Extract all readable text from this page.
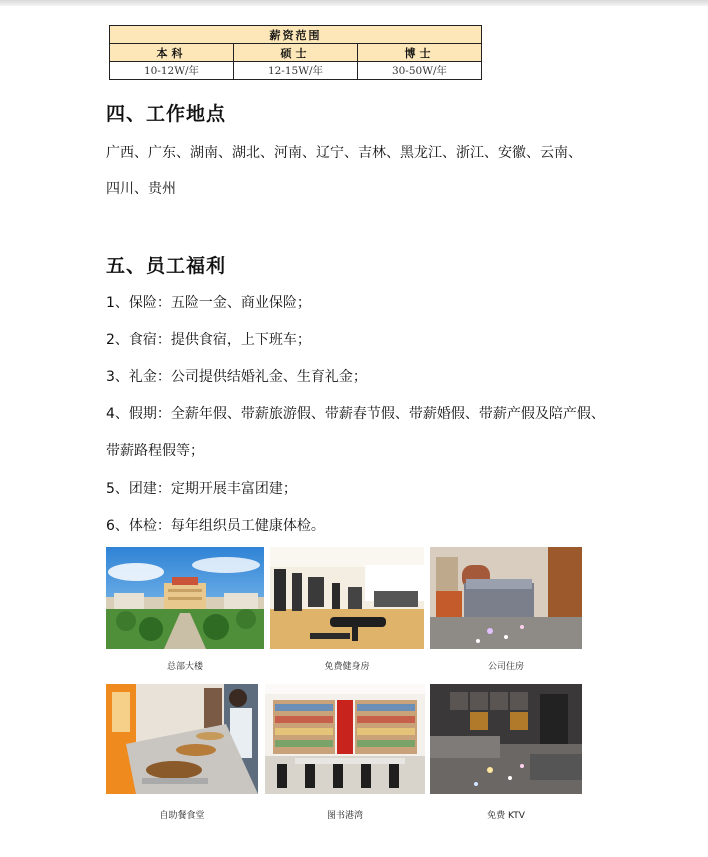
薪资范围		
本科	硕士	博士
10-12W/年	12-15W/年	30-50W/年
四、工作地点

广西、广东、湖南、湖北、河南、辽宁、吉林、黑龙江、浙江、安徽、云南、

四川、贵州

五、员工福利

1、保险：五险一金、商业保险；

2、食宿：提供食宿，上下班车；

3、礼金：公司提供结婚礼金、生育礼金；

4、假期：全薪年假、带薪旅游假、带薪春节假、带薪婚假、带薪产假及陪产假、

带薪路程假等；

5、团建：定期开展丰富团建；

6、体检：每年组织员工健康体检。

总部大楼	免费健身房	公司住房
自助餐食堂	图书港湾	免费 KTV
